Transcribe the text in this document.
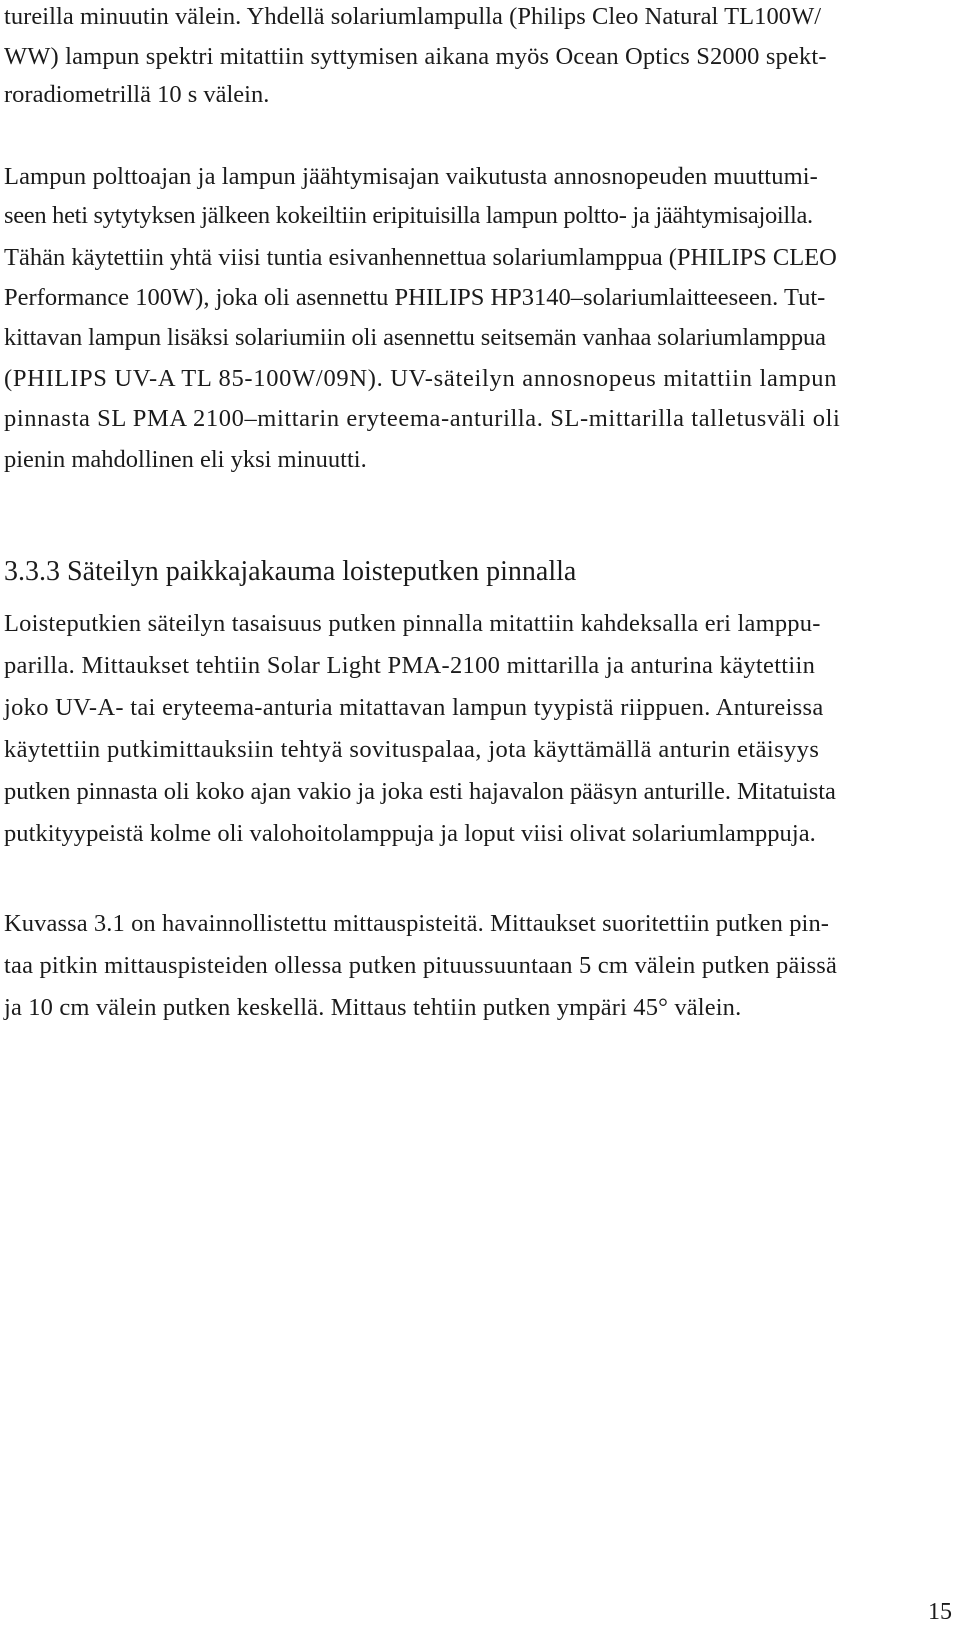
tureilla minuutin välein. Yhdellä solariumlampulla (Philips Cleo Natural TL100W/
WW) lampun spektri mitattiin syttymisen aikana myös Ocean Optics S2000 spekt-
roradiometrillä 10 s välein.
Lampun polttoajan ja lampun jäähtymisajan vaikutusta annosnopeuden muuttumi-
seen heti sytytyksen jälkeen kokeiltiin eripituisilla lampun poltto- ja jäähtymisajoilla.
Tähän käytettiin yhtä viisi tuntia esivanhennettua solariumlamppua (PHILIPS CLEO
Performance 100W), joka oli asennettu PHILIPS HP3140–solariumlaitteeseen. Tut-
kittavan lampun lisäksi solariumiin oli asennettu seitsemän vanhaa solariumlamppua
(PHILIPS UV-A TL 85-100W/09N). UV-säteilyn annosnopeus mitattiin lampun
pinnasta SL PMA 2100–mittarin eryteema-anturilla. SL-mittarilla talletusväli oli
pienin mahdollinen eli yksi minuutti.
3.3.3 Säteilyn paikkajakauma loisteputken pinnalla
Loisteputkien säteilyn tasaisuus putken pinnalla mitattiin kahdeksalla eri lamppu-
parilla. Mittaukset tehtiin Solar Light PMA-2100 mittarilla ja anturina käytettiin
joko UV-A- tai eryteema-anturia mitattavan lampun tyypistä riippuen. Antureissa
käytettiin putkimittauksiin tehtyä sovituspalaa, jota käyttämällä anturin etäisyys
putken pinnasta oli koko ajan vakio ja joka esti hajavalon pääsyn anturille. Mitatuista
putkityypeistä kolme oli valohoitolamppuja ja loput viisi olivat solariumlamppuja.
Kuvassa 3.1 on havainnollistettu mittauspisteitä. Mittaukset suoritettiin putken pin-
taa pitkin mittauspisteiden ollessa putken pituussuuntaan 5 cm välein putken päissä
ja 10 cm välein putken keskellä. Mittaus tehtiin putken ympäri 45° välein.
15
